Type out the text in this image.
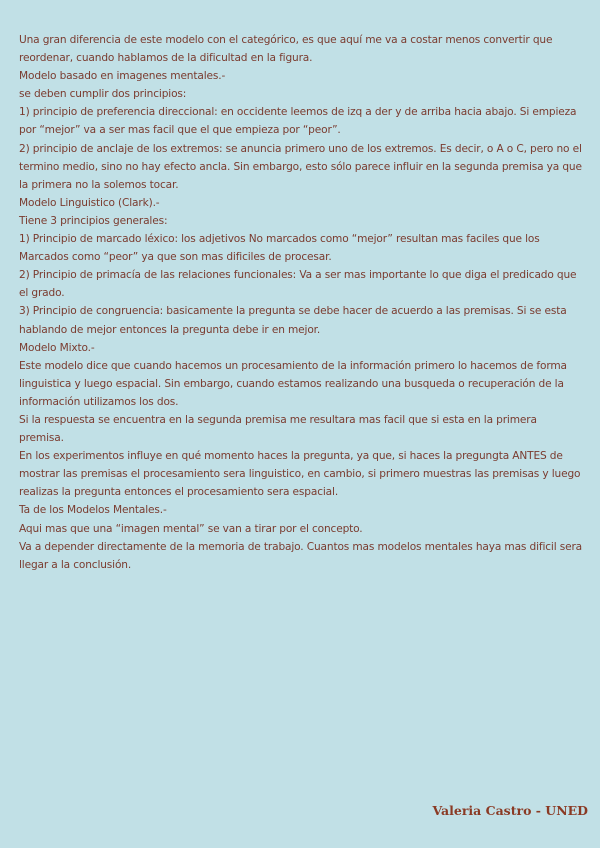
Una gran diferencia de este modelo con el categórico, es que aquí me va a costar menos convertir que reordenar, cuando hablamos de la dificultad en la figura.
Modelo basado en imagenes mentales.-
se deben cumplir dos principios:
1) principio de preferencia direccional: en occidente leemos de izq a der y de arriba hacia abajo. Si empieza por “mejor” va a ser mas facil que el que empieza por “peor”.
2) principio de anclaje de los extremos: se anuncia primero uno de los extremos. Es decir, o A o C, pero no el termino medio, sino no hay efecto ancla. Sin embargo, esto sólo parece influir en la segunda premisa ya que la primera no la solemos tocar.
Modelo Linguistico (Clark).-
Tiene 3 principios generales:
1) Principio de marcado léxico: los adjetivos No marcados como “mejor” resultan mas faciles que los Marcados como “peor” ya que son mas dificiles de procesar.
2) Principio de primacía de las relaciones funcionales: Va a ser mas importante lo que diga el predicado que el grado.
3) Principio de congruencia: basicamente la pregunta se debe hacer de acuerdo a las premisas. Si se esta hablando de mejor entonces la pregunta debe ir en mejor.
Modelo Mixto.-
Este modelo dice que cuando hacemos un procesamiento de la información primero lo hacemos de forma linguistica y luego espacial. Sin embargo, cuando estamos realizando una busqueda o recuperación de la información utilizamos los dos.
Si la respuesta se encuentra en la segunda premisa me resultara mas facil que si esta en la primera premisa.
En los experimentos influye en qué momento haces la pregunta, ya que, si haces la pregungta ANTES de mostrar las premisas el procesamiento sera linguistico, en cambio, si primero muestras las premisas y luego realizas la pregunta entonces el procesamiento sera espacial.
Ta de los Modelos Mentales.-
Aqui mas que una “imagen mental” se van a tirar por el concepto.
Va a depender directamente de la memoria de trabajo. Cuantos mas modelos mentales haya mas dificil sera llegar a la conclusión.
Valeria Castro - UNED
